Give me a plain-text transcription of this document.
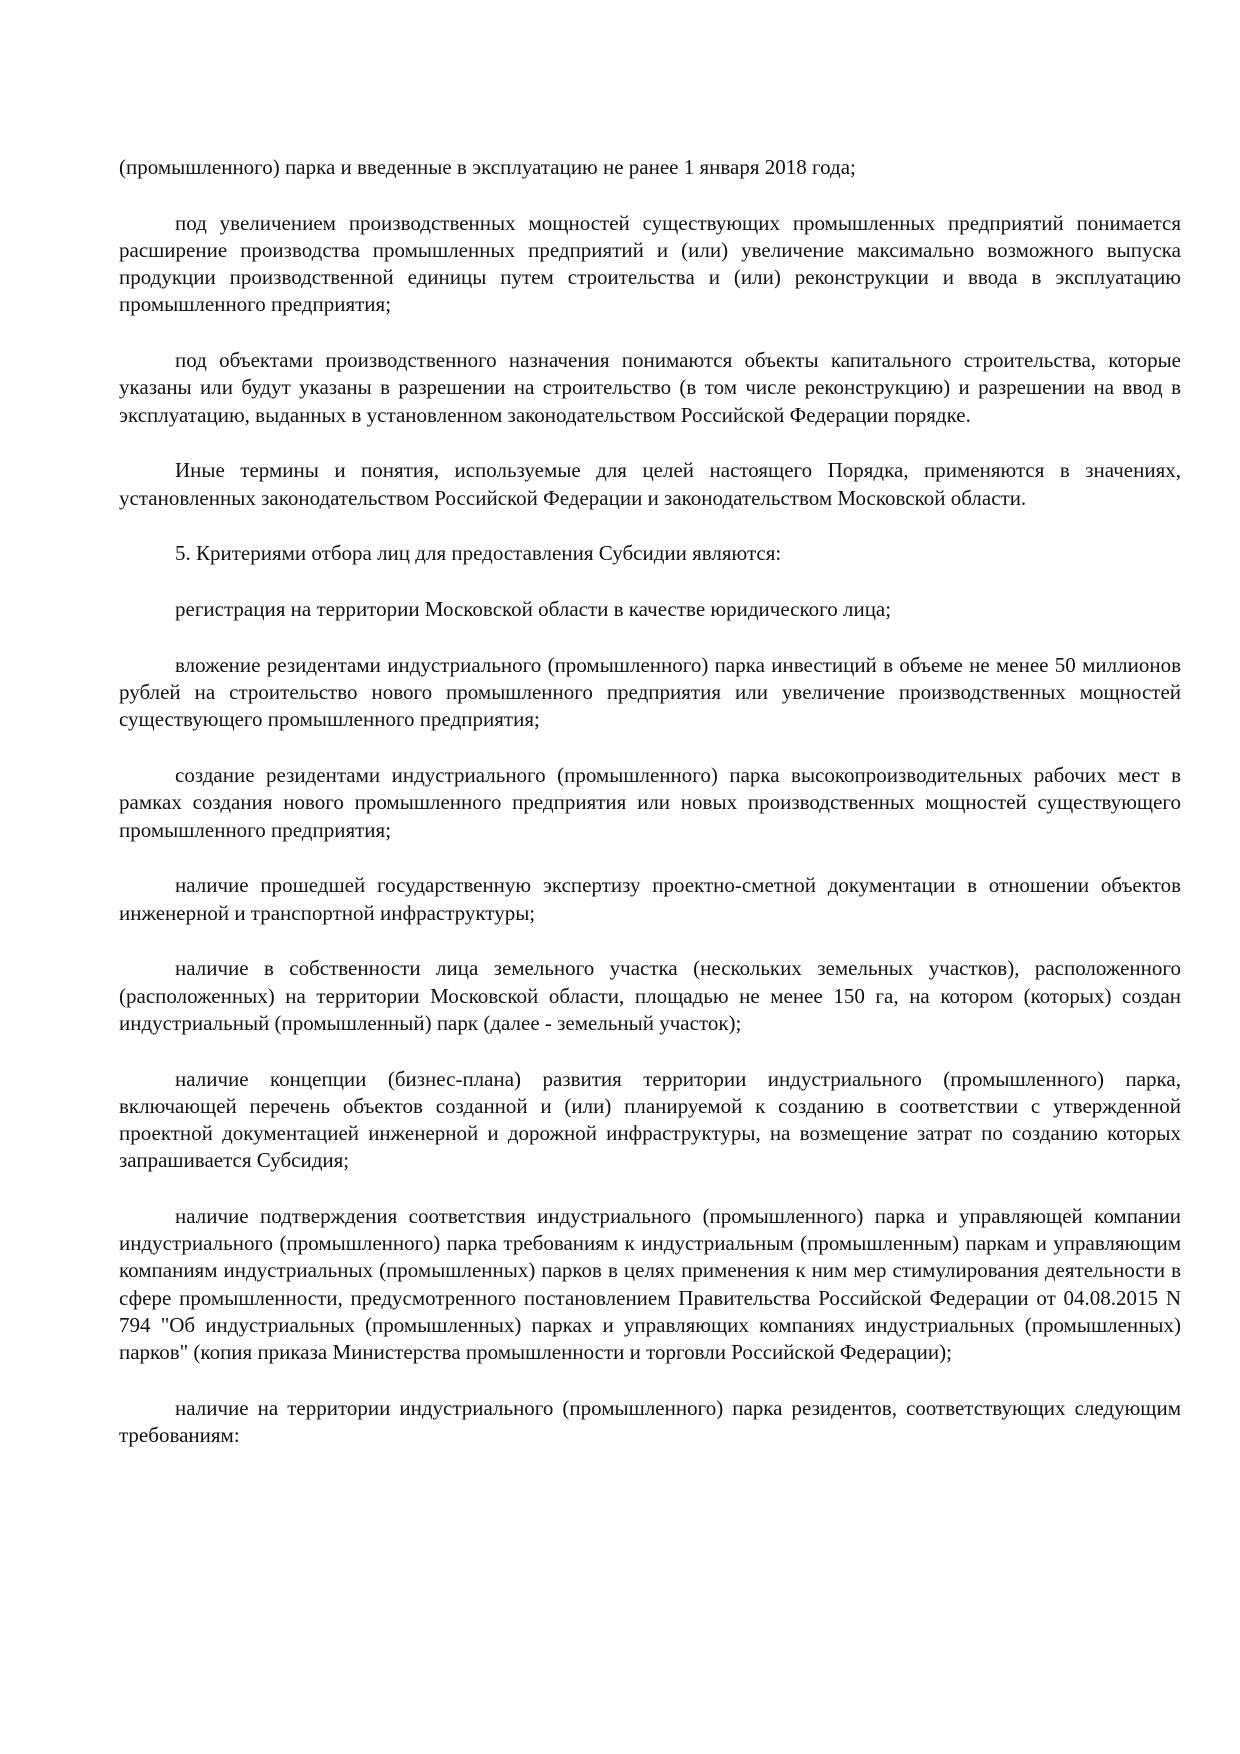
(промышленного) парка и введенные в эксплуатацию не ранее 1 января 2018 года;

под увеличением производственных мощностей существующих промышленных предприятий понимается расширение производства промышленных предприятий и (или) увеличение максимально возможного выпуска продукции производственной единицы путем строительства и (или) реконструкции и ввода в эксплуатацию промышленного предприятия;

под объектами производственного назначения понимаются объекты капитального строительства, которые указаны или будут указаны в разрешении на строительство (в том числе реконструкцию) и разрешении на ввод в эксплуатацию, выданных в установленном законодательством Российской Федерации порядке.

Иные термины и понятия, используемые для целей настоящего Порядка, применяются в значениях, установленных законодательством Российской Федерации и законодательством Московской области.

5. Критериями отбора лиц для предоставления Субсидии являются:

регистрация на территории Московской области в качестве юридического лица;

вложение резидентами индустриального (промышленного) парка инвестиций в объеме не менее 50 миллионов рублей на строительство нового промышленного предприятия или увеличение производственных мощностей существующего промышленного предприятия;

создание резидентами индустриального (промышленного) парка высокопроизводительных рабочих мест в рамках создания нового промышленного предприятия или новых производственных мощностей существующего промышленного предприятия;

наличие прошедшей государственную экспертизу проектно-сметной документации в отношении объектов инженерной и транспортной инфраструктуры;

наличие в собственности лица земельного участка (нескольких земельных участков), расположенного (расположенных) на территории Московской области, площадью не менее 150 га, на котором (которых) создан индустриальный (промышленный) парк (далее - земельный участок);

наличие концепции (бизнес-плана) развития территории индустриального (промышленного) парка, включающей перечень объектов созданной и (или) планируемой к созданию в соответствии с утвержденной проектной документацией инженерной и дорожной инфраструктуры, на возмещение затрат по созданию которых запрашивается Субсидия;

наличие подтверждения соответствия индустриального (промышленного) парка и управляющей компании индустриального (промышленного) парка требованиям к индустриальным (промышленным) паркам и управляющим компаниям индустриальных (промышленных) парков в целях применения к ним мер стимулирования деятельности в сфере промышленности, предусмотренного постановлением Правительства Российской Федерации от 04.08.2015 N 794 "Об индустриальных (промышленных) парках и управляющих компаниях индустриальных (промышленных) парков" (копия приказа Министерства промышленности и торговли Российской Федерации);

наличие на территории индустриального (промышленного) парка резидентов, соответствующих следующим требованиям:
